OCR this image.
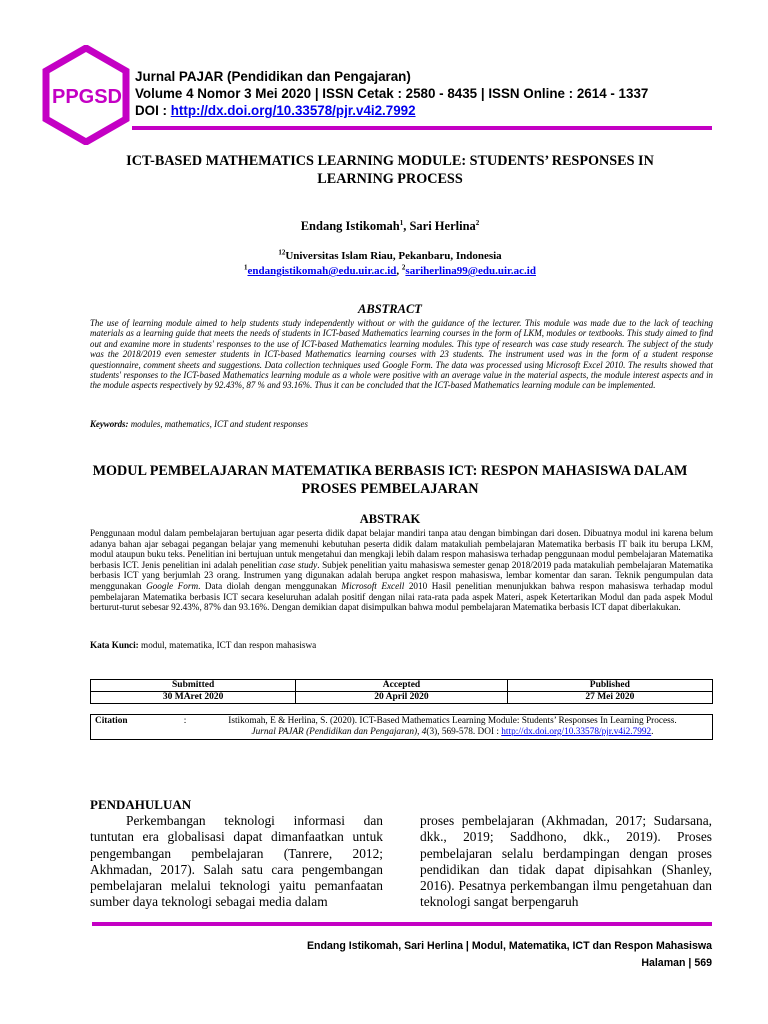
PPGSD
Jurnal PAJAR (Pendidikan dan Pengajaran)
Volume 4 Nomor 3 Mei 2020 | ISSN Cetak : 2580 - 8435 | ISSN Online : 2614 - 1337
DOI : http://dx.doi.org/10.33578/pjr.v4i2.7992
ICT-BASED MATHEMATICS LEARNING MODULE: STUDENTS’ RESPONSES IN LEARNING PROCESS
Endang Istikomah$^1$, Sari Herlina$^2$
$^{12}$Universitas Islam Riau, Pekanbaru, Indonesia
$^1$endangistikomah@edu.uir.ac.id, $^2$sariherlina99@edu.uir.ac.id
ABSTRACT
The use of learning module aimed to help students study independently without or with the guidance of the lecturer. This module was made due to the lack of teaching materials as a learning guide that meets the needs of students in ICT-based Mathematics learning courses in the form of LKM, modules or textbooks. This study aimed to find out and examine more in students' responses to the use of ICT-based Mathematics learning modules. This type of research was case study research. The subject of the study was the 2018/2019 even semester students in ICT-based Mathematics learning courses with 23 students. The instrument used was in the form of a student response questionnaire, comment sheets and suggestions. Data collection techniques used Google Form. The data was processed using Microsoft Excel 2010. The results showed that students' responses to the ICT-based Mathematics learning module as a whole were positive with an average value in the material aspects, the module interest aspects and in the module aspects respectively by 92.43%, 87 % and 93.16%. Thus it can be concluded that the ICT-based Mathematics learning module can be implemented.
Keywords: modules, mathematics, ICT and student responses
MODUL PEMBELAJARAN MATEMATIKA BERBASIS ICT: RESPON MAHASISWA DALAM PROSES PEMBELAJARAN
ABSTRAK
Penggunaan modul dalam pembelajaran bertujuan agar peserta didik dapat belajar mandiri tanpa atau dengan bimbingan dari dosen. Dibuatnya modul ini karena belum adanya bahan ajar sebagai pegangan belajar yang memenuhi kebutuhan peserta didik dalam matakuliah pembelajaran Matematika berbasis IT baik itu berupa LKM, modul ataupun buku teks. Penelitian ini bertujuan untuk mengetahui dan mengkaji lebih dalam respon mahasiswa terhadap penggunaan modul pembelajaran Matematika berbasis ICT. Jenis penelitian ini adalah penelitian case study. Subjek penelitian yaitu mahasiswa semester genap 2018/2019 pada matakuliah pembelajaran Matematika berbasis ICT yang berjumlah 23 orang. Instrumen yang digunakan adalah berupa angket respon mahasiswa, lembar komentar dan saran. Teknik pengumpulan data menggunakan Google Form. Data diolah dengan menggunakan Microsoft Excell 2010 Hasil penelitian menunjukkan bahwa respon mahasiswa terhadap modul pembelajaran Matematika berbasis ICT secara keseluruhan adalah positif dengan nilai rata-rata pada aspek Materi, aspek Ketertarikan Modul dan pada aspek Modul berturut-turut sebesar 92.43%, 87% dan 93.16%. Dengan demikian dapat disimpulkan bahwa modul pembelajaran Matematika berbasis ICT dapat diberlakukan.
Kata Kunci: modul, matematika, ICT dan respon mahasiswa
Submitted	Accepted	Published
30 MAret 2020	20 April 2020	27 Mei 2020
Citation	:	Istikomah, E & Herlina, S. (2020). ICT-Based Mathematics Learning Module: Students’ Responses In Learning Process.
Jurnal PAJAR (Pendidikan dan Pengajaran), 4(3), 569-578. DOI : http://dx.doi.org/10.33578/pjr.v4i2.7992.
PENDAHULUAN

Perkembangan teknologi informasi dan tuntutan era globalisasi dapat dimanfaatkan untuk pengembangan pembelajaran (Tanrere, 2012; Akhmadan, 2017). Salah satu cara pengembangan pembelajaran melalui teknologi yaitu pemanfaatan sumber daya teknologi sebagai media dalam

proses pembelajaran (Akhmadan, 2017; Sudarsana, dkk., 2019; Saddhono, dkk., 2019). Proses pembelajaran selalu berdampingan dengan proses pendidikan dan tidak dapat dipisahkan (Shanley, 2016). Pesatnya perkembangan ilmu pengetahuan dan teknologi sangat berpengaruh

Endang Istikomah, Sari Herlina | Modul, Matematika, ICT dan Respon Mahasiswa
Halaman | 569
